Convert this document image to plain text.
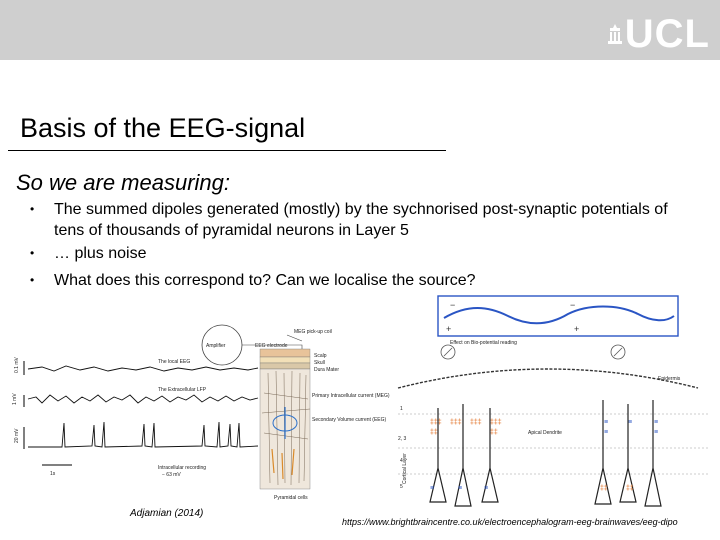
UCL
Basis of the EEG-signal
So we are measuring:
• The summed dipoles generated (mostly) by the sychnorised post-synaptic potentials of tens of thousands of pyramidal neurons in Layer 5
• … plus noise
• What does this correspond to? Can we localise the source?
Amplifier
MEG pick-up coil
EEG electrode
0.1 mV
1 mV
20 mV
The local EEG
The Extracellular LFP
Intracellular recording
− 63 mV
1s
Scalp
Skull
Dura Mater
Primary Intracellular current (MEG)
Secondary Volume current (EEG)
Pyramidal cells
Adjamian (2014)
−	−
+	+
Effect on Bio-potential reading
Epidermis
1
2, 3
4
5
Cortical Layer
‡‡‡ ‡‡‡ ‡‡‡ ‡‡‡
‡‡	‡‡
≡	≡	≡
≡	≡
Apical Dendrite
‡‡	‡‡
≡	≡	≡
https://www.brightbraincentre.co.uk/electroencephalogram-eeg-brainwaves/eeg-dipo
